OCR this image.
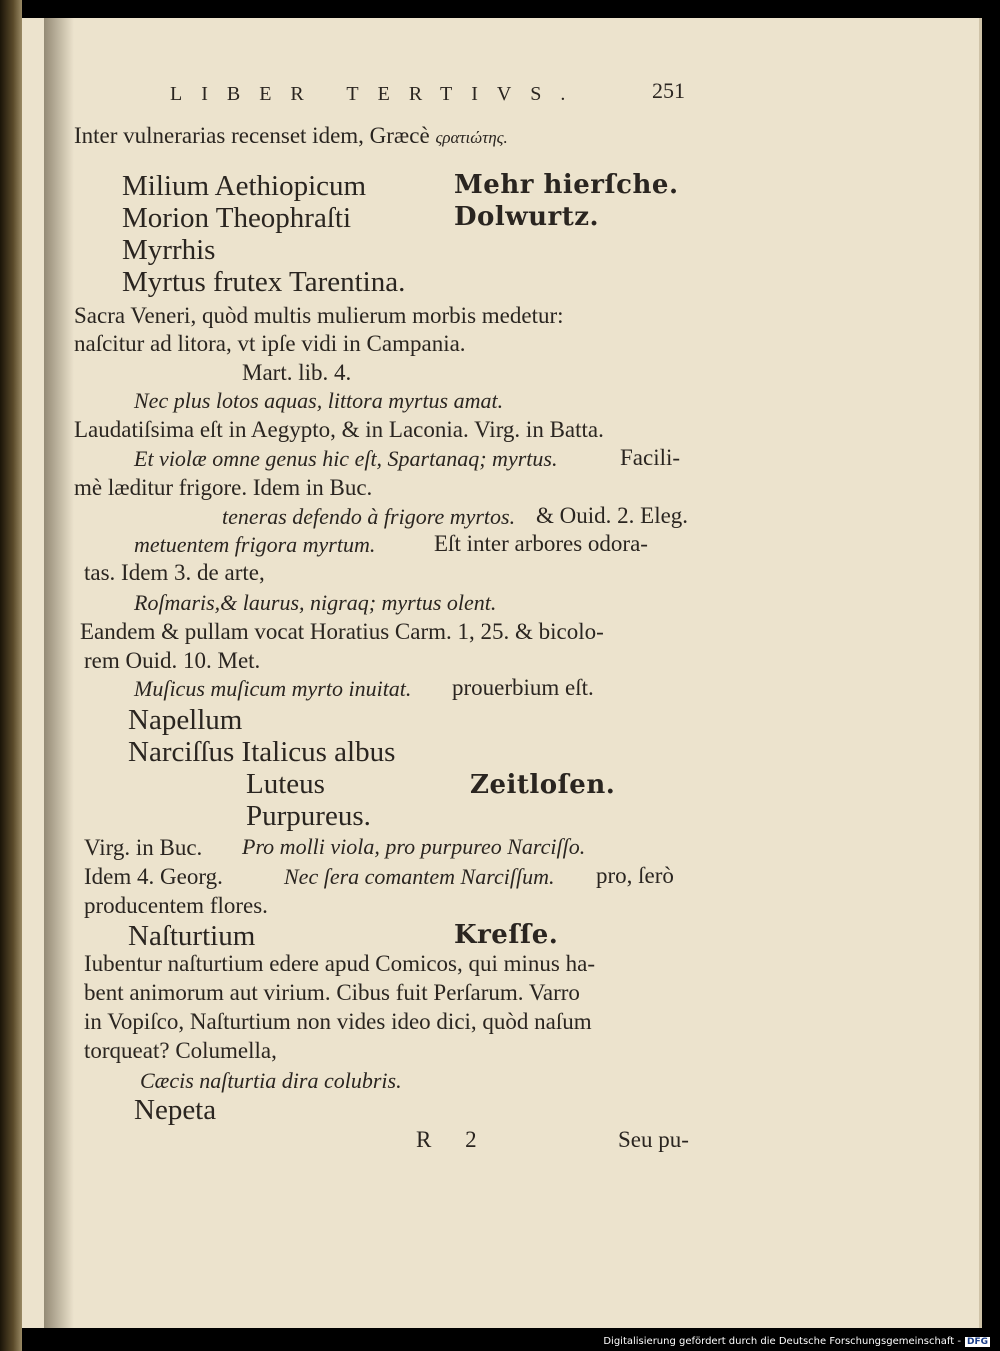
LIBER TERTIVS.	251
Inter vulnerarias recenset idem, Græcè ςρατιώτης.
Milium Aethiopicum	Mehr hierſche.
Morion Theophraſti	Dolwurtz.
Myrrhis
Myrtus frutex Tarentina.
Sacra Veneri, quòd multis mulierum morbis medetur:
naſcitur ad litora, vt ipſe vidi in Campania.
Mart. lib. 4.
Nec plus lotos aquas, littora myrtus amat.
Laudatiſsima eſt in Aegypto, & in Laconia. Virg. in Batta.
Et violæ omne genus hic eſt, Spartanaq; myrtus.	Facili-
mè læditur frigore. Idem in Buc.
teneras defendo à frigore myrtos. & Ouid. 2. Eleg.
metuentem frigora myrtum.	Eſt inter arbores odora-
tas. Idem 3. de arte,
Roſmaris,& laurus, nigraq; myrtus olent.
Eandem & pullam vocat Horatius Carm. 1, 25. & bicolo-
rem Ouid. 10. Met.
Muſicus muſicum myrto inuitat. prouerbium eſt.
Napellum
Narciſſus Italicus albus
Luteus	Zeitloſen.
Purpureus.
Virg. in Buc. Pro molli viola, pro purpureo Narciſſo.
Idem 4. Georg.	Nec ſera comantem Narciſſum. pro, ſerò
producentem flores.
Naſturtium	Kreſſe.
Iubentur naſturtium edere apud Comicos, qui minus ha-
bent animorum aut virium. Cibus fuit Perſarum. Varro
in Vopiſco, Naſturtium non vides ideo dici, quòd naſum
torqueat? Columella,
Cæcis naſturtia dira colubris.
Nepeta
R 2	Seu pu-
Digitalisierung gefördert durch die Deutsche Forschungsgemeinschaft - DFG
